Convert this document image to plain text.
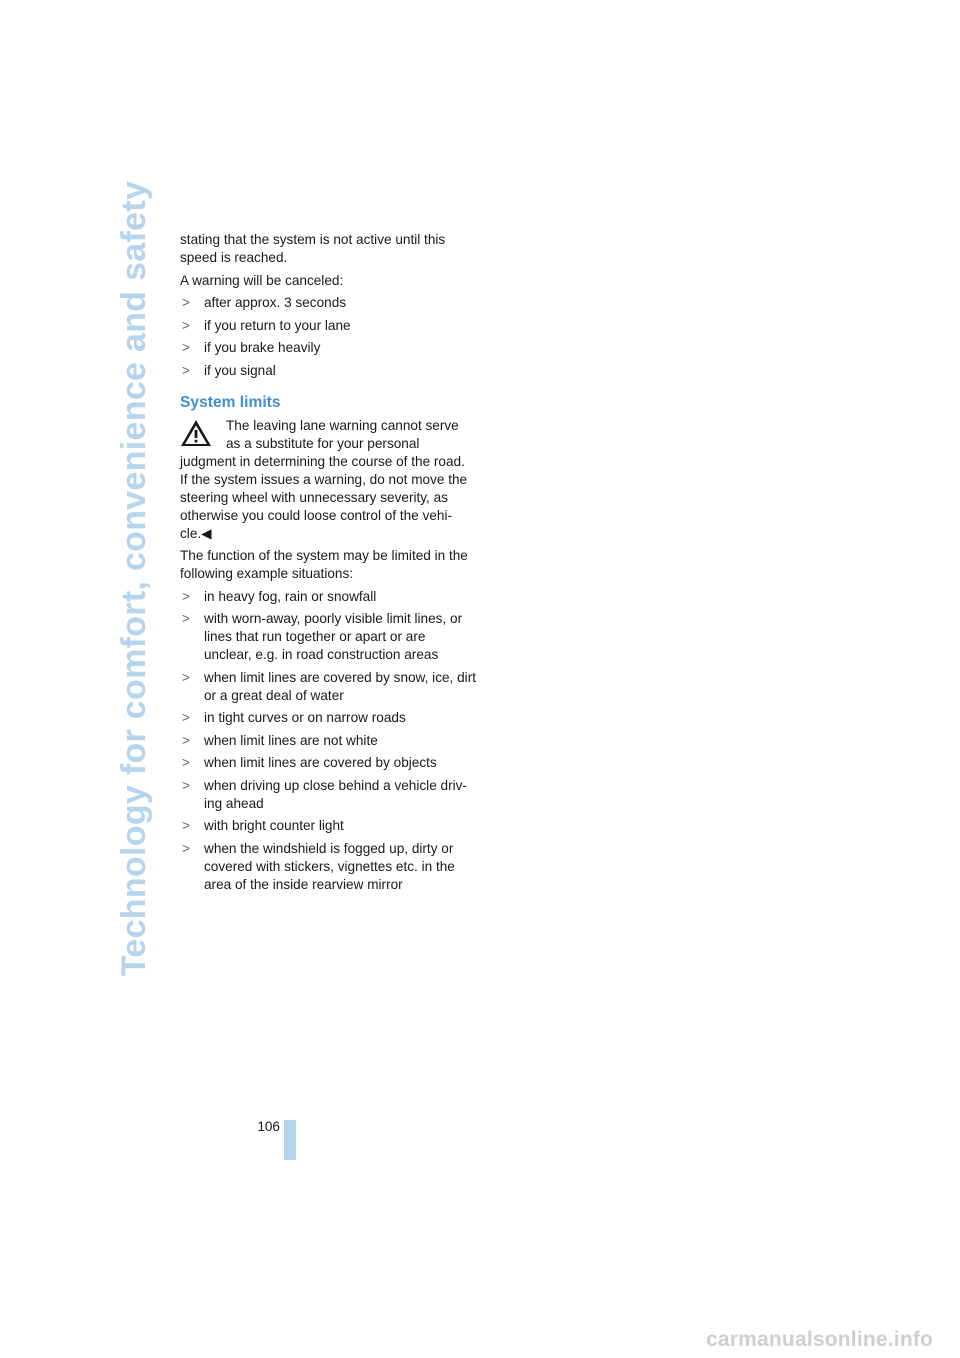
Technology for comfort, convenience and safety stating that the system is not active until this speed is reached.

A warning will be canceled:

> after approx. 3 seconds
> if you return to your lane
> if you brake heavily
> if you signal
System limits
The leaving lane warning cannot serve as a substitute for your personal judgment in determining the course of the road.
If the system issues a warning, do not move the steering wheel with unnecessary severity, as otherwise you could loose control of the vehi-cle.◀

The function of the system may be limited in the following example situations:

> in heavy fog, rain or snowfall
> with worn-away, poorly visible limit lines, or lines that run together or apart or are unclear, e.g. in road construction areas
> when limit lines are covered by snow, ice, dirt or a great deal of water
> in tight curves or on narrow roads
> when limit lines are not white
> when limit lines are covered by objects
> when driving up close behind a vehicle driv-ing ahead
> with bright counter light
> when the windshield is fogged up, dirty or covered with stickers, vignettes etc. in the area of the inside rearview mirror
106
carmanualsonline.info
